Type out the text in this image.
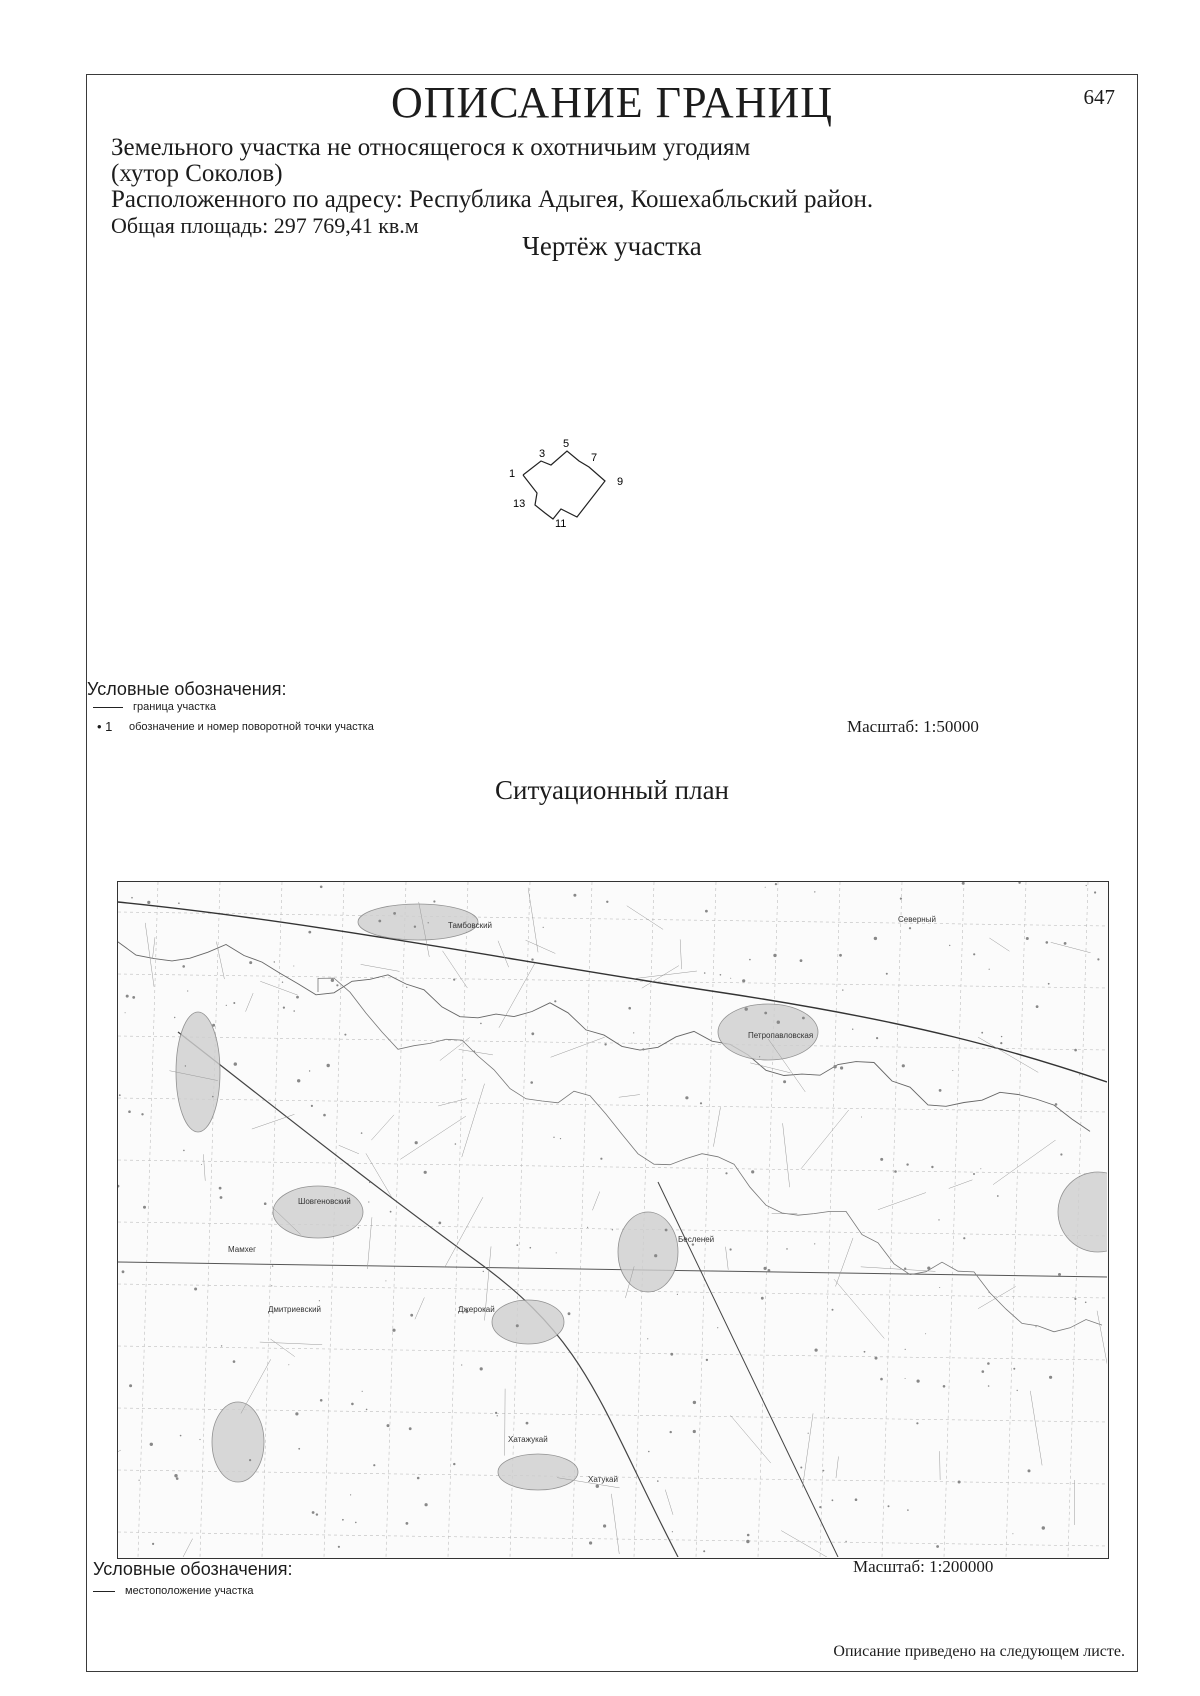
ОПИСАНИЕ ГРАНИЦ	647
Земельного участка не относящегося к охотничьим угодиям
(хутор Соколов)
Расположенного по адресу: Республика Адыгея, Кошехабльский район.
Общая площадь: 297 769,41 кв.м
Чертёж участка
1
3
5
7
9
11
13
Условные обозначения:
граница участка
• 1	обозначение и номер поворотной точки участка	Масштаб: 1:50000
Ситуационный план
Тамбовский
Петропавловская
Шовгеновский
Джерокай
Мамхег
Хатажукай
Северный
Дмитриевский
Бесленей
Хатукай
Условные обозначения:	Масштаб: 1:200000
местоположение участка
Описание приведено на следующем листе.
